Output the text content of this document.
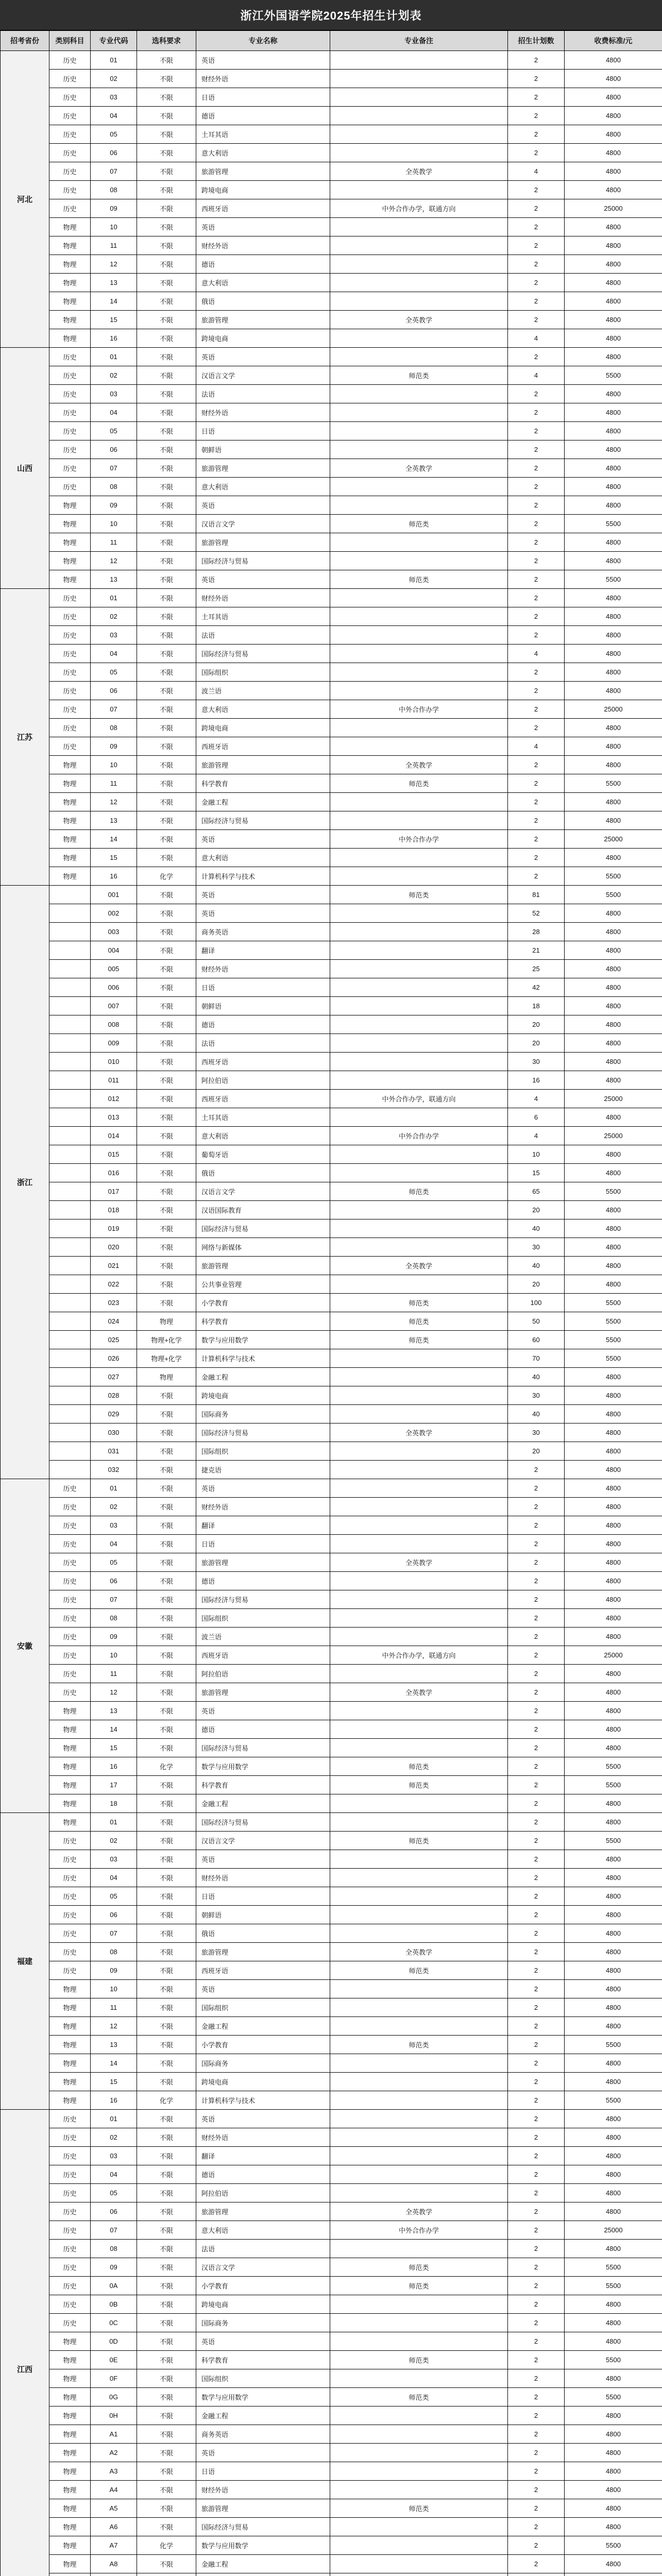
浙江外国语学院2025年招生计划表
招考省份	类别科目	专业代码	选科要求	专业名称	专业备注	招生计划数	收费标准/元
河北	历史	01	不限	英语		2	4800
	历史	02	不限	财经外语		2	4800
	历史	03	不限	日语		2	4800
	历史	04	不限	德语		2	4800
	历史	05	不限	土耳其语		2	4800
	历史	06	不限	意大利语		2	4800
	历史	07	不限	旅游管理	全英教学	4	4800
	历史	08	不限	跨境电商		2	4800
	历史	09	不限	西班牙语	中外合作办学，联通方向	2	25000
	物理	10	不限	英语		2	4800
	物理	11	不限	财经外语		2	4800
	物理	12	不限	德语		2	4800
	物理	13	不限	意大利语		2	4800
	物理	14	不限	俄语		2	4800
	物理	15	不限	旅游管理	全英教学	2	4800
	物理	16	不限	跨境电商		4	4800
山西	历史	01	不限	英语		2	4800
	历史	02	不限	汉语言文学	师范类	4	5500
	历史	03	不限	法语		2	4800
	历史	04	不限	财经外语		2	4800
	历史	05	不限	日语		2	4800
	历史	06	不限	朝鲜语		2	4800
	历史	07	不限	旅游管理	全英教学	2	4800
	历史	08	不限	意大利语		2	4800
	物理	09	不限	英语		2	4800
	物理	10	不限	汉语言文学	师范类	2	5500
	物理	11	不限	旅游管理		2	4800
	物理	12	不限	国际经济与贸易		2	4800
	物理	13	不限	英语	师范类	2	5500
江苏	历史	01	不限	财经外语		2	4800
	历史	02	不限	土耳其语		2	4800
	历史	03	不限	法语		2	4800
	历史	04	不限	国际经济与贸易		4	4800
	历史	05	不限	国际组织		2	4800
	历史	06	不限	波兰语		2	4800
	历史	07	不限	意大利语	中外合作办学	2	25000
	历史	08	不限	跨境电商		2	4800
	历史	09	不限	西班牙语		4	4800
	物理	10	不限	旅游管理	全英教学	2	4800
	物理	11	不限	科学教育	师范类	2	5500
	物理	12	不限	金融工程		2	4800
	物理	13	不限	国际经济与贸易		2	4800
	物理	14	不限	英语	中外合作办学	2	25000
	物理	15	不限	意大利语		2	4800
	物理	16	化学	计算机科学与技术		2	5500
浙江		001	不限	英语	师范类	81	5500
		002	不限	英语		52	4800
		003	不限	商务英语		28	4800
		004	不限	翻译		21	4800
		005	不限	财经外语		25	4800
		006	不限	日语		42	4800
		007	不限	朝鲜语		18	4800
		008	不限	德语		20	4800
		009	不限	法语		20	4800
		010	不限	西班牙语		30	4800
		011	不限	阿拉伯语		16	4800
		012	不限	西班牙语	中外合作办学，联通方向	4	25000
		013	不限	土耳其语		6	4800
		014	不限	意大利语	中外合作办学	4	25000
		015	不限	葡萄牙语		10	4800
		016	不限	俄语		15	4800
		017	不限	汉语言文学	师范类	65	5500
		018	不限	汉语国际教育		20	4800
		019	不限	国际经济与贸易		40	4800
		020	不限	网络与新媒体		30	4800
		021	不限	旅游管理	全英教学	40	4800
		022	不限	公共事业管理		20	4800
		023	不限	小学教育	师范类	100	5500
		024	物理	科学教育	师范类	50	5500
		025	物理+化学	数学与应用数学	师范类	60	5500
		026	物理+化学	计算机科学与技术		70	5500
		027	物理	金融工程		40	4800
		028	不限	跨境电商		30	4800
		029	不限	国际商务		40	4800
		030	不限	国际经济与贸易	全英教学	30	4800
		031	不限	国际组织		20	4800
		032	不限	捷克语		2	4800
安徽	历史	01	不限	英语		2	4800
	历史	02	不限	财经外语		2	4800
	历史	03	不限	翻译		2	4800
	历史	04	不限	日语		2	4800
	历史	05	不限	旅游管理	全英教学	2	4800
	历史	06	不限	德语		2	4800
	历史	07	不限	国际经济与贸易		2	4800
	历史	08	不限	国际组织		2	4800
	历史	09	不限	波兰语		2	4800
	历史	10	不限	西班牙语	中外合作办学，联通方向	2	25000
	历史	11	不限	阿拉伯语		2	4800
	历史	12	不限	旅游管理	全英教学	2	4800
	物理	13	不限	英语		2	4800
	物理	14	不限	德语		2	4800
	物理	15	不限	国际经济与贸易		2	4800
	物理	16	化学	数学与应用数学	师范类	2	5500
	物理	17	不限	科学教育	师范类	2	5500
	物理	18	不限	金融工程		2	4800
福建	物理	01	不限	国际经济与贸易		2	4800
	历史	02	不限	汉语言文学	师范类	2	5500
	历史	03	不限	英语		2	4800
	历史	04	不限	财经外语		2	4800
	历史	05	不限	日语		2	4800
	历史	06	不限	朝鲜语		2	4800
	历史	07	不限	俄语		2	4800
	历史	08	不限	旅游管理	全英教学	2	4800
	历史	09	不限	西班牙语	师范类	2	4800
	物理	10	不限	英语		2	4800
	物理	11	不限	国际组织		2	4800
	物理	12	不限	金融工程		2	4800
	物理	13	不限	小学教育	师范类	2	5500
	物理	14	不限	国际商务		2	4800
	物理	15	不限	跨境电商		2	4800
	物理	16	化学	计算机科学与技术		2	5500
江西	历史	01	不限	英语		2	4800
	历史	02	不限	财经外语		2	4800
	历史	03	不限	翻译		2	4800
	历史	04	不限	德语		2	4800
	历史	05	不限	阿拉伯语		2	4800
	历史	06	不限	旅游管理	全英教学	2	4800
	历史	07	不限	意大利语	中外合作办学	2	25000
	历史	08	不限	法语		2	4800
	历史	09	不限	汉语言文学	师范类	2	5500
	历史	0A	不限	小学教育	师范类	2	5500
	历史	0B	不限	跨境电商		2	4800
	历史	0C	不限	国际商务		2	4800
	物理	0D	不限	英语		2	4800
	物理	0E	不限	科学教育	师范类	2	5500
	物理	0F	不限	国际组织		2	4800
	物理	0G	不限	数学与应用数学	师范类	2	5500
	物理	0H	不限	金融工程		2	4800
	物理	A1	不限	商务英语		2	4800
	物理	A2	不限	英语		2	4800
	物理	A3	不限	日语		2	4800
	物理	A4	不限	财经外语		2	4800
	物理	A5	不限	旅游管理	师范类	2	4800
	物理	A6	不限	国际经济与贸易		2	4800
	物理	A7	化学	数学与应用数学		2	5500
	物理	A8	不限	金融工程		2	4800
